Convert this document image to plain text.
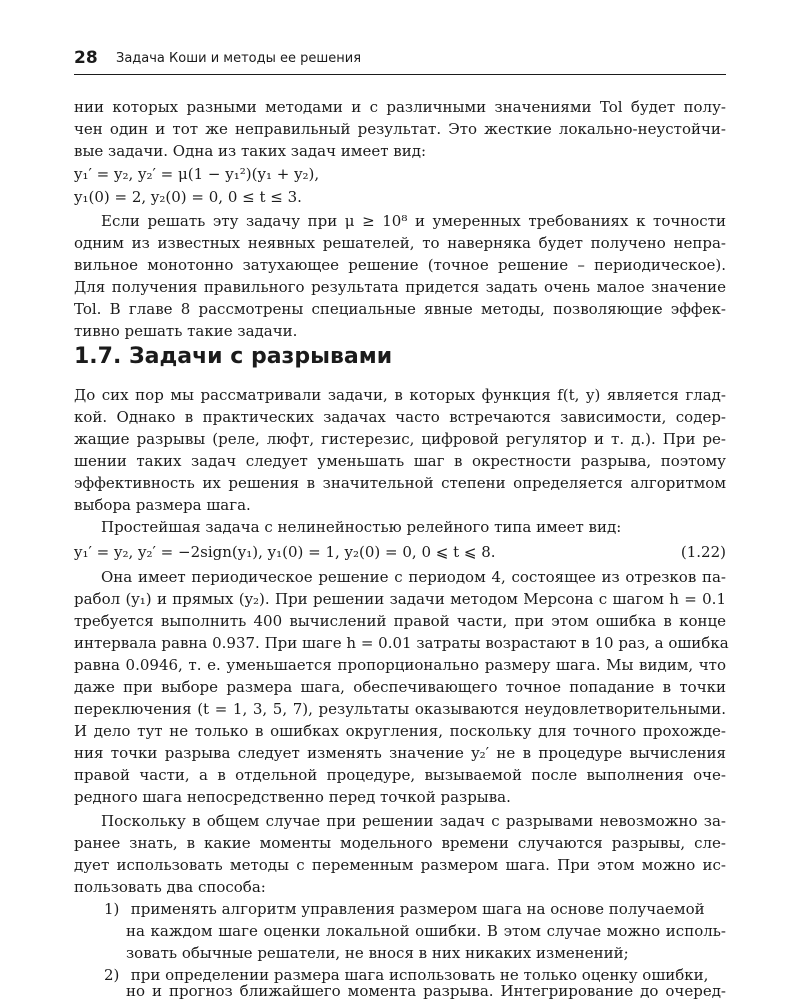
28 Задача Коши и методы ее решения
нии которых разными методами и с различными значениями Tol будет полу-
чен один и тот же неправильный результат. Это жесткие локально-неустойчи-
вые задачи. Одна из таких задач имеет вид:
y₁′ = y₂, y₂′ = μ(1 − y₁²)(y₁ + y₂),
y₁(0) = 2, y₂(0) = 0, 0 ≤ t ≤ 3.
Если решать эту задачу при μ ≥ 10⁸ и умеренных требованиях к точности
одним из известных неявных решателей, то наверняка будет получено непра-
вильное монотонно затухающее решение (точное решение – периодическое).
Для получения правильного результата придется задать очень малое значение
Tol. В главе 8 рассмотрены специальные явные методы, позволяющие эффек-
тивно решать такие задачи.
1.7. Задачи с разрывами
До сих пор мы рассматривали задачи, в которых функция f(t, y) является глад-
кой. Однако в практических задачах часто встречаются зависимости, содер-
жащие разрывы (реле, люфт, гистерезис, цифровой регулятор и т. д.). При ре-
шении таких задач следует уменьшать шаг в окрестности разрыва, поэтому
эффективность их решения в значительной степени определяется алгоритмом
выбора размера шага.
Простейшая задача с нелинейностью релейного типа имеет вид:
y₁′ = y₂, y₂′ = −2sign(y₁), y₁(0) = 1, y₂(0) = 0, 0 ⩽ t ⩽ 8.	(1.22)
Она имеет периодическое решение с периодом 4, состоящее из отрезков па-
рабол (y₁) и прямых (y₂). При решении задачи методом Мерсона с шагом h = 0.1
требуется выполнить 400 вычислений правой части, при этом ошибка в конце
интервала равна 0.937. При шаге h = 0.01 затраты возрастают в 10 раз, а ошибка
равна 0.0946, т. е. уменьшается пропорционально размеру шага. Мы видим, что
даже при выборе размера шага, обеспечивающего точное попадание в точки
переключения (t = 1, 3, 5, 7), результаты оказываются неудовлетворительными.
И дело тут не только в ошибках округления, поскольку для точного прохожде-
ния точки разрыва следует изменять значение y₂′ не в процедуре вычисления
правой части, а в отдельной процедуре, вызываемой после выполнения оче-
редного шага непосредственно перед точкой разрыва.
Поскольку в общем случае при решении задач с разрывами невозможно за-
ранее знать, в какие моменты модельного времени случаются разрывы, сле-
дует использовать методы с переменным размером шага. При этом можно ис-
пользовать два способа:
1) применять алгоритм управления размером шага на основе получаемой
на каждом шаге оценки локальной ошибки. В этом случае можно исполь-
зовать обычные решатели, не внося в них никаких изменений;
2) при определении размера шага использовать не только оценку ошибки,
но и прогноз ближайшего момента разрыва. Интегрирование до очеред-
